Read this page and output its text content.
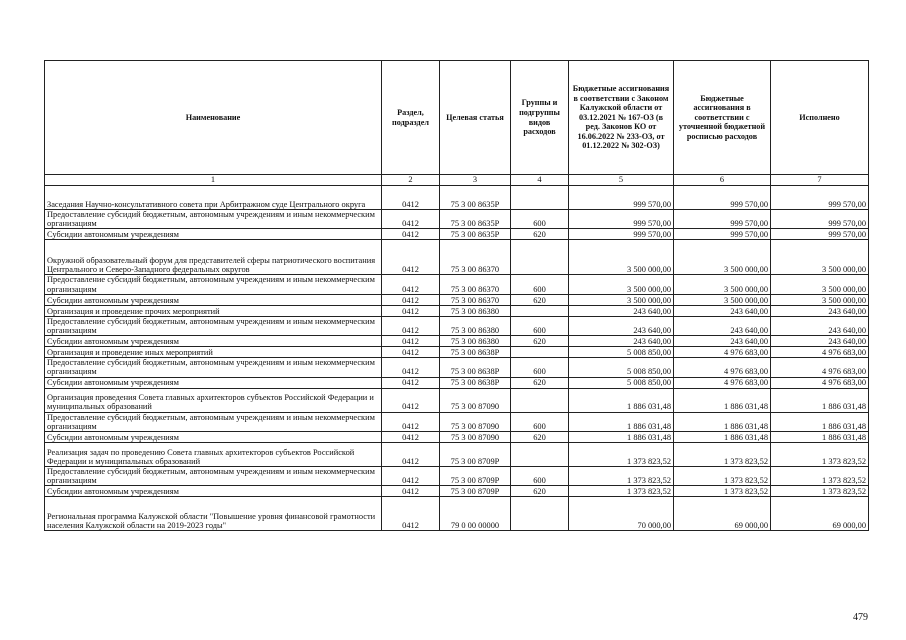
Наименование	Раздел, подраздел	Целевая статья	Группы и подгруппы видов расходов	Бюджетные ассигнования в соответствии с Законом Калужской области от 03.12.2021 № 167-ОЗ (в ред. Законов КО от 16.06.2022 № 233-ОЗ, от 01.12.2022 № 302-ОЗ)	Бюджетные ассигнования в соответствии с уточненной бюджетной росписью расходов	Исполнено
1	2	3	4	5	6	7
Заседания Научно-консультативного совета при Арбитражном суде Центрального округа	0412	75 3 00 8635Р		999 570,00	999 570,00	999 570,00
Предоставление субсидий бюджетным, автономным учреждениям и иным некоммерческим организациям	0412	75 3 00 8635Р	600	999 570,00	999 570,00	999 570,00
Субсидии автономным учреждениям	0412	75 3 00 8635Р	620	999 570,00	999 570,00	999 570,00
Окружной образовательный форум для представителей сферы патриотического воспитания Центрального и Северо-Западного федеральных округов	0412	75 3 00 86370		3 500 000,00	3 500 000,00	3 500 000,00
Предоставление субсидий бюджетным, автономным учреждениям и иным некоммерческим организациям	0412	75 3 00 86370	600	3 500 000,00	3 500 000,00	3 500 000,00
Субсидии автономным учреждениям	0412	75 3 00 86370	620	3 500 000,00	3 500 000,00	3 500 000,00
Организация и проведение прочих мероприятий	0412	75 3 00 86380		243 640,00	243 640,00	243 640,00
Предоставление субсидий бюджетным, автономным учреждениям и иным некоммерческим организациям	0412	75 3 00 86380	600	243 640,00	243 640,00	243 640,00
Субсидии автономным учреждениям	0412	75 3 00 86380	620	243 640,00	243 640,00	243 640,00
Организация и проведение иных мероприятий	0412	75 3 00 8638Р		5 008 850,00	4 976 683,00	4 976 683,00
Предоставление субсидий бюджетным, автономным учреждениям и иным некоммерческим организациям	0412	75 3 00 8638Р	600	5 008 850,00	4 976 683,00	4 976 683,00
Субсидии автономным учреждениям	0412	75 3 00 8638Р	620	5 008 850,00	4 976 683,00	4 976 683,00
Организация проведения Совета главных архитекторов субъектов Российской Федерации и муниципальных образований	0412	75 3 00 87090		1 886 031,48	1 886 031,48	1 886 031,48
Предоставление субсидий бюджетным, автономным учреждениям и иным некоммерческим организациям	0412	75 3 00 87090	600	1 886 031,48	1 886 031,48	1 886 031,48
Субсидии автономным учреждениям	0412	75 3 00 87090	620	1 886 031,48	1 886 031,48	1 886 031,48
Реализация задач по проведению Совета главных архитекторов субъектов Российской Федерации и муниципальных образований	0412	75 3 00 8709Р		1 373 823,52	1 373 823,52	1 373 823,52
Предоставление субсидий бюджетным, автономным учреждениям и иным некоммерческим организациям	0412	75 3 00 8709Р	600	1 373 823,52	1 373 823,52	1 373 823,52
Субсидии автономным учреждениям	0412	75 3 00 8709Р	620	1 373 823,52	1 373 823,52	1 373 823,52
Региональная программа Калужской области "Повышение уровня финансовой грамотности населения Калужской области на 2019-2023 годы"	0412	79 0 00 00000		70 000,00	69 000,00	69 000,00
479
